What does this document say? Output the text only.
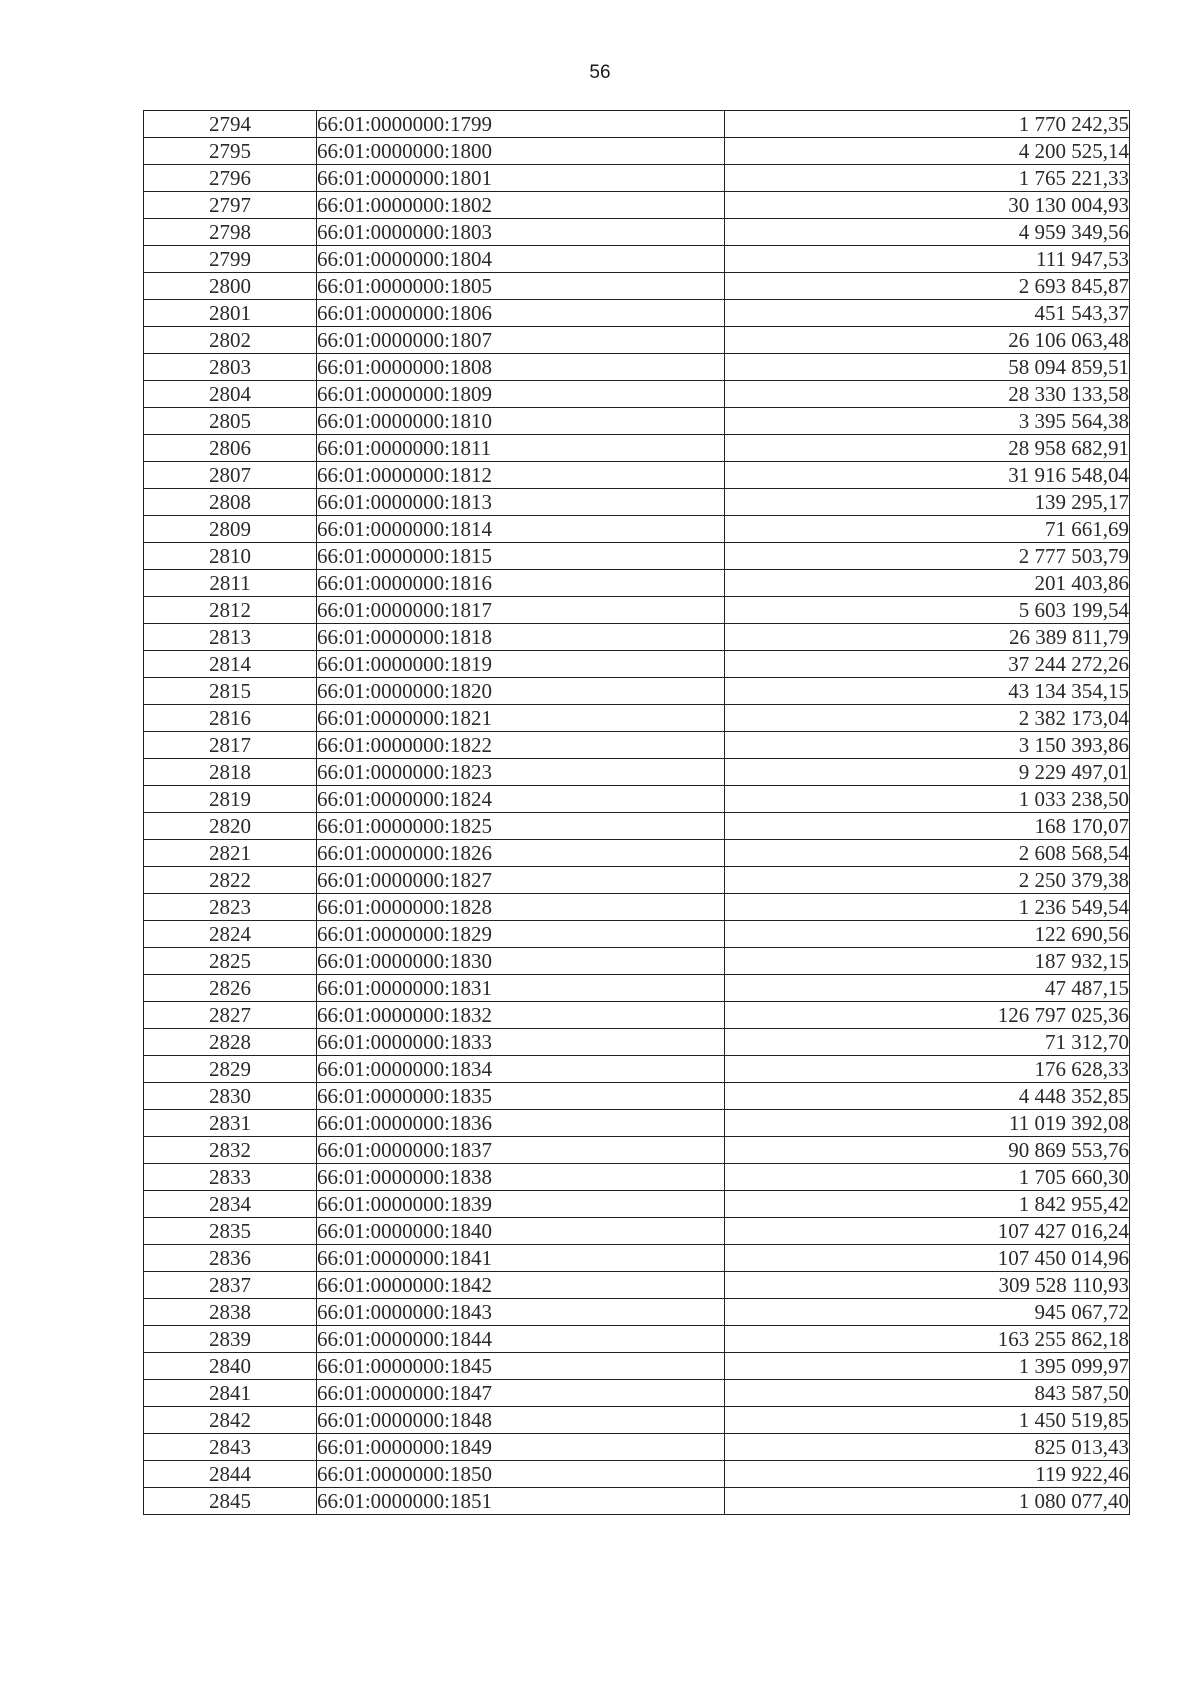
56
2794	66:01:0000000:1799	1 770 242,35
2795	66:01:0000000:1800	4 200 525,14
2796	66:01:0000000:1801	1 765 221,33
2797	66:01:0000000:1802	30 130 004,93
2798	66:01:0000000:1803	4 959 349,56
2799	66:01:0000000:1804	111 947,53
2800	66:01:0000000:1805	2 693 845,87
2801	66:01:0000000:1806	451 543,37
2802	66:01:0000000:1807	26 106 063,48
2803	66:01:0000000:1808	58 094 859,51
2804	66:01:0000000:1809	28 330 133,58
2805	66:01:0000000:1810	3 395 564,38
2806	66:01:0000000:1811	28 958 682,91
2807	66:01:0000000:1812	31 916 548,04
2808	66:01:0000000:1813	139 295,17
2809	66:01:0000000:1814	71 661,69
2810	66:01:0000000:1815	2 777 503,79
2811	66:01:0000000:1816	201 403,86
2812	66:01:0000000:1817	5 603 199,54
2813	66:01:0000000:1818	26 389 811,79
2814	66:01:0000000:1819	37 244 272,26
2815	66:01:0000000:1820	43 134 354,15
2816	66:01:0000000:1821	2 382 173,04
2817	66:01:0000000:1822	3 150 393,86
2818	66:01:0000000:1823	9 229 497,01
2819	66:01:0000000:1824	1 033 238,50
2820	66:01:0000000:1825	168 170,07
2821	66:01:0000000:1826	2 608 568,54
2822	66:01:0000000:1827	2 250 379,38
2823	66:01:0000000:1828	1 236 549,54
2824	66:01:0000000:1829	122 690,56
2825	66:01:0000000:1830	187 932,15
2826	66:01:0000000:1831	47 487,15
2827	66:01:0000000:1832	126 797 025,36
2828	66:01:0000000:1833	71 312,70
2829	66:01:0000000:1834	176 628,33
2830	66:01:0000000:1835	4 448 352,85
2831	66:01:0000000:1836	11 019 392,08
2832	66:01:0000000:1837	90 869 553,76
2833	66:01:0000000:1838	1 705 660,30
2834	66:01:0000000:1839	1 842 955,42
2835	66:01:0000000:1840	107 427 016,24
2836	66:01:0000000:1841	107 450 014,96
2837	66:01:0000000:1842	309 528 110,93
2838	66:01:0000000:1843	945 067,72
2839	66:01:0000000:1844	163 255 862,18
2840	66:01:0000000:1845	1 395 099,97
2841	66:01:0000000:1847	843 587,50
2842	66:01:0000000:1848	1 450 519,85
2843	66:01:0000000:1849	825 013,43
2844	66:01:0000000:1850	119 922,46
2845	66:01:0000000:1851	1 080 077,40
